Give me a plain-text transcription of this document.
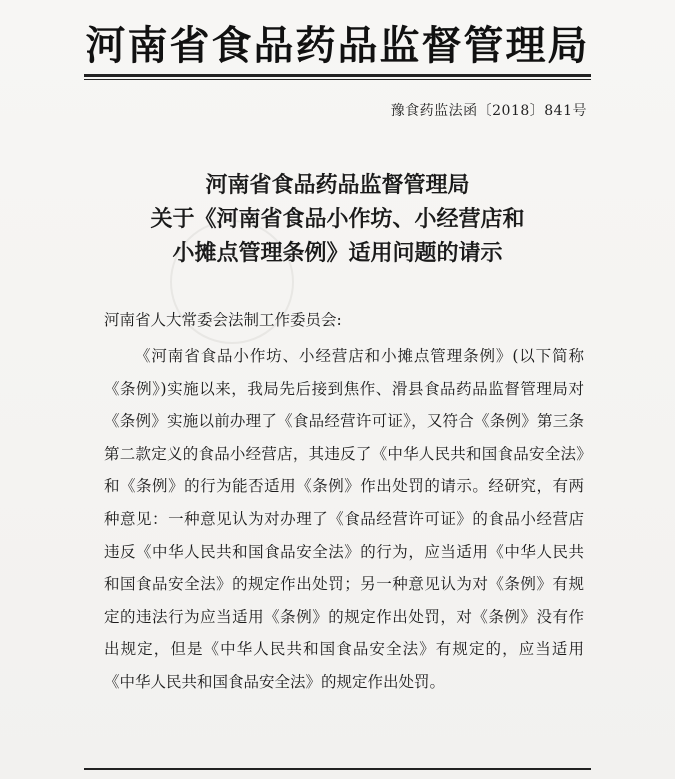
河南省食品药品监督管理局
豫食药监法函〔2018〕841号
河南省食品药品监督管理局
关于《河南省食品小作坊、小经营店和
小摊点管理条例》适用问题的请示
河南省人大常委会法制工作委员会:

《河南省食品小作坊、小经营店和小摊点管理条例》(以下简称《条例》)实施以来，我局先后接到焦作、滑县食品药品监督管理局对《条例》实施以前办理了《食品经营许可证》，又符合《条例》第三条第二款定义的食品小经营店，其违反了《中华人民共和国食品安全法》和《条例》的行为能否适用《条例》作出处罚的请示。经研究，有两种意见：一种意见认为对办理了《食品经营许可证》的食品小经营店违反《中华人民共和国食品安全法》的行为，应当适用《中华人民共和国食品安全法》的规定作出处罚；另一种意见认为对《条例》有规定的违法行为应当适用《条例》的规定作出处罚，对《条例》没有作出规定，但是《中华人民共和国食品安全法》有规定的，应当适用《中华人民共和国食品安全法》的规定作出处罚。
